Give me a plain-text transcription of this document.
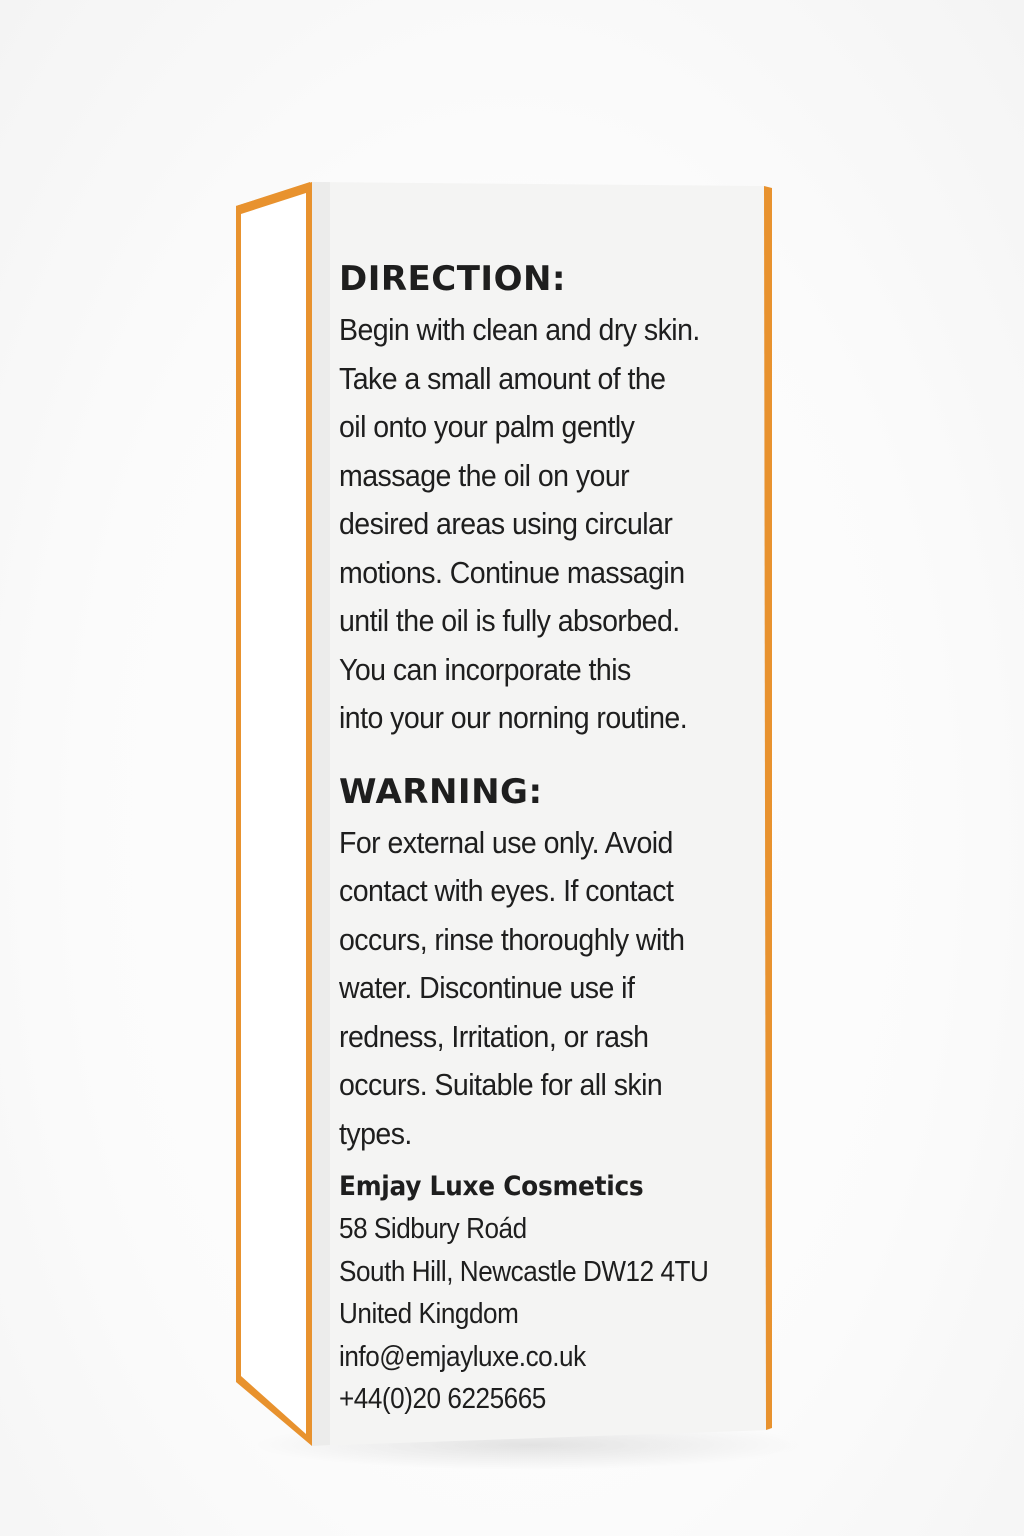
DIRECTION:
Begin with clean and dry skin.
Take a small amount of the
oil onto your palm gently
massage the oil on your
desired areas using circular
motions. Continue massagin
until the oil is fully absorbed.
You can incorporate this
into your our norning routine.
WARNING:
For external use only. Avoid
contact with eyes. If contact
occurs, rinse thoroughly with
water. Discontinue use if
redness, Irritation, or rash
occurs. Suitable for all skin
types.
Emjay Luxe Cosmetics
58 Sidbury Roád
South Hill, Newcastle DW12 4TU
United Kingdom
info@emjayluxe.co.uk
+44(0)20 6225665
